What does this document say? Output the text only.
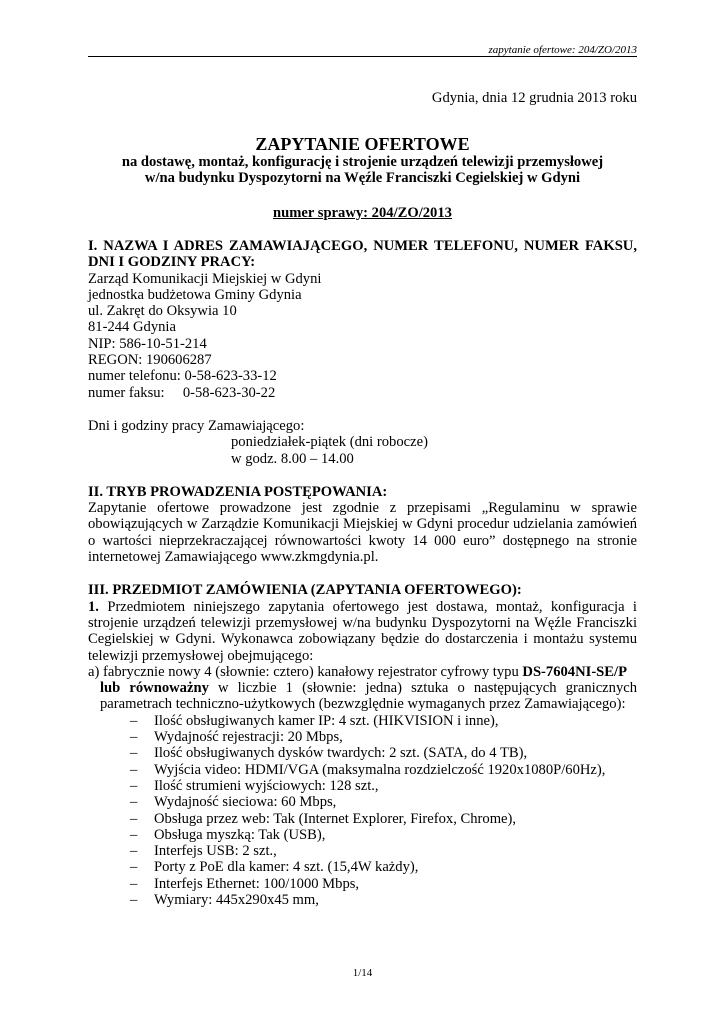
zapytanie ofertowe: 204/ZO/2013
Gdynia, dnia 12 grudnia 2013 roku
ZAPYTANIE OFERTOWE
na dostawę, montaż, konfigurację i strojenie urządzeń telewizji przemysłowej
w/na budynku Dyspozytorni na Węźle Franciszki Cegielskiej w Gdyni
numer sprawy: 204/ZO/2013

I. NAZWA I ADRES ZAMAWIAJĄCEGO, NUMER TELEFONU, NUMER FAKSU, DNI I GODZINY PRACY:

Zarząd Komunikacji Miejskiej w Gdyni

jednostka budżetowa Gminy Gdynia

ul. Zakręt do Oksywia 10

81-244 Gdynia

NIP: 586-10-51-214

REGON: 190606287

numer telefonu: 0-58-623-33-12

numer faksu:     0-58-623-30-22

Dni i godziny pracy Zamawiającego:

poniedziałek-piątek (dni robocze)

w godz. 8.00 – 14.00

II. TRYB PROWADZENIA POSTĘPOWANIA:

Zapytanie ofertowe prowadzone jest zgodnie z przepisami „Regulaminu w sprawie obowiązujących w Zarządzie Komunikacji Miejskiej w Gdyni procedur udzielania zamówień o wartości nieprzekraczającej równowartości kwoty 14 000 euro” dostępnego na stronie internetowej Zamawiającego www.zkmgdynia.pl.

III. PRZEDMIOT ZAMÓWIENIA (ZAPYTANIA OFERTOWEGO):

1. Przedmiotem niniejszego zapytania ofertowego jest dostawa, montaż, konfiguracja i strojenie urządzeń telewizji przemysłowej w/na budynku Dyspozytorni na Węźle Franciszki Cegielskiej w Gdyni. Wykonawca zobowiązany będzie do dostarczenia i montażu systemu telewizji przemysłowej obejmującego:

a) fabrycznie nowy 4 (słownie: cztero) kanałowy rejestrator cyfrowy typu DS-7604NI-SE/P

lub równoważny w liczbie 1 (słownie: jedna) sztuka o następujących granicznych parametrach techniczno-użytkowych (bezwzględnie wymaganych przez Zamawiającego):

– Ilość obsługiwanych kamer IP: 4 szt. (HIKVISION i inne),
– Wydajność rejestracji: 20 Mbps,
– Ilość obsługiwanych dysków twardych: 2 szt. (SATA, do 4 TB),
– Wyjścia video: HDMI/VGA (maksymalna rozdzielczość 1920x1080P/60Hz),
– Ilość strumieni wyjściowych: 128 szt.,
– Wydajność sieciowa: 60 Mbps,
– Obsługa przez web: Tak (Internet Explorer, Firefox, Chrome),
– Obsługa myszką: Tak (USB),
– Interfejs USB: 2 szt.,
– Porty z PoE dla kamer: 4 szt. (15,4W każdy),
– Interfejs Ethernet: 100/1000 Mbps,
– Wymiary: 445x290x45 mm,
1/14
